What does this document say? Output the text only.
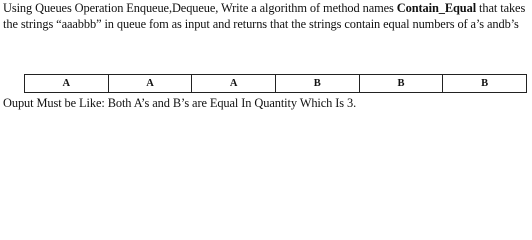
Using Queues Operation Enqueue,Dequeue, Write a algorithm of method names Contain_Equal that takes the strings “aaabbb” in queue fom as input and returns that the strings contain equal numbers of a’s andb’s

A	A	A	B	B	B

Ouput Must be Like: Both A’s and B’s are Equal In Quantity Which Is 3.
